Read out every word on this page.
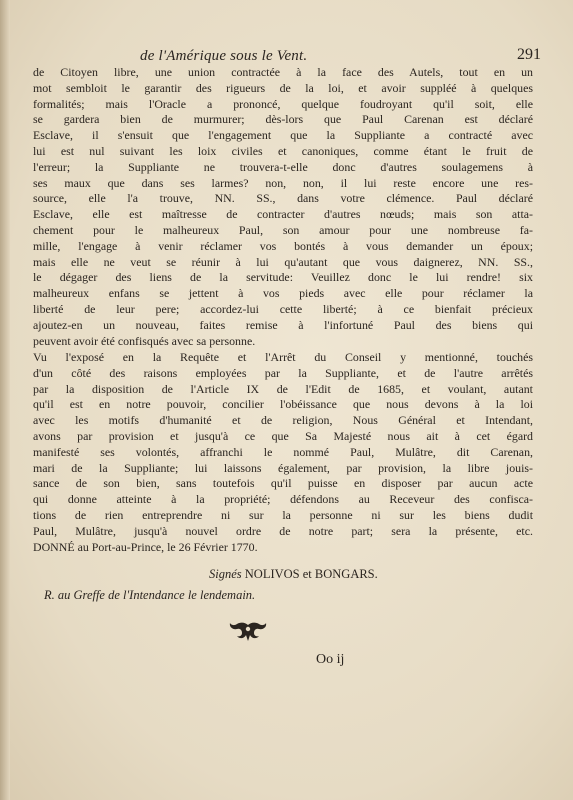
de l'Amérique sous le Vent.	291

de Citoyen libre, une union contractée à la face des Autels, tout en un

mot sembloit le garantir des rigueurs de la loi, et avoir suppléé à quelques

formalités; mais l'Oracle a prononcé, quelque foudroyant qu'il soit, elle

se gardera bien de murmurer; dès-lors que Paul Carenan est déclaré

Esclave, il s'ensuit que l'engagement que la Suppliante a contracté avec

lui est nul suivant les loix civiles et canoniques, comme étant le fruit de

l'erreur; la Suppliante ne trouvera-t-elle donc d'autres soulagemens à

ses maux que dans ses larmes? non, non, il lui reste encore une res-

source, elle l'a trouve, NN. SS., dans votre clémence. Paul déclaré

Esclave, elle est maîtresse de contracter d'autres nœuds; mais son atta-

chement pour le malheureux Paul, son amour pour une nombreuse fa-

mille, l'engage à venir réclamer vos bontés à vous demander un époux;

mais elle ne veut se réunir à lui qu'autant que vous daignerez, NN. SS.,

le dégager des liens de la servitude: Veuillez donc le lui rendre! six

malheureux enfans se jettent à vos pieds avec elle pour réclamer la

liberté de leur pere; accordez-lui cette liberté; à ce bienfait précieux

ajoutez-en un nouveau, faites remise à l'infortuné Paul des biens qui

peuvent avoir été confisqués avec sa personne.

Vu l'exposé en la Requête et l'Arrêt du Conseil y mentionné, touchés

d'un côté des raisons employées par la Suppliante, et de l'autre arrêtés

par la disposition de l'Article IX de l'Edit de 1685, et voulant, autant

qu'il est en notre pouvoir, concilier l'obéissance que nous devons à la loi

avec les motifs d'humanité et de religion, Nous Général et Intendant,

avons par provision et jusqu'à ce que Sa Majesté nous ait à cet égard

manifesté ses volontés, affranchi le nommé Paul, Mulâtre, dit Carenan,

mari de la Suppliante; lui laissons également, par provision, la libre jouis-

sance de son bien, sans toutefois qu'il puisse en disposer par aucun acte

qui donne atteinte à la propriété; défendons au Receveur des confisca-

tions de rien entreprendre ni sur la personne ni sur les biens dudit

Paul, Mulâtre, jusqu'à nouvel ordre de notre part; sera la présente, etc.

DONNÉ au Port-au-Prince, le 26 Février 1770.

Signés NOLIVOS et BONGARS.
R. au Greffe de l'Intendance le lendemain.
Oo ij
